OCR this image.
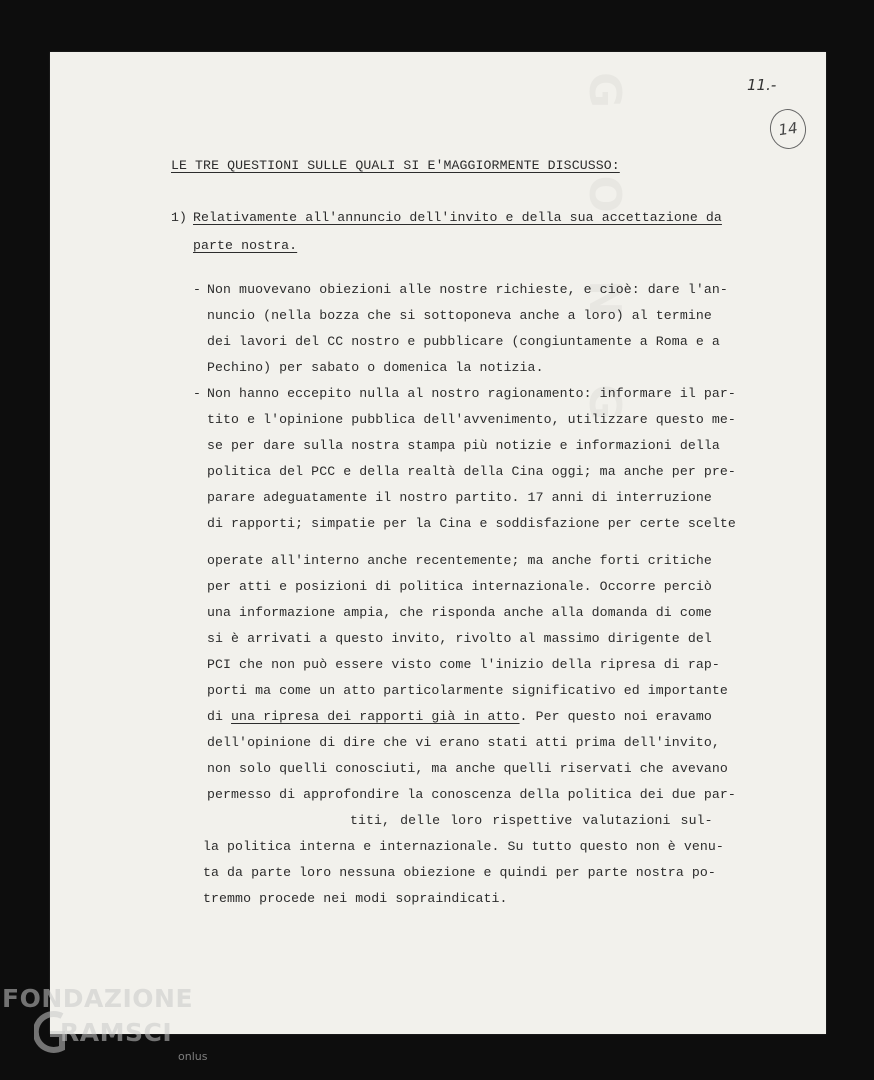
11.-
14
LE TRE QUESTIONI SULLE QUALI SI E'MAGGIORMENTE DISCUSSO:
1) Relativamente all'annuncio dell'invito e della sua accettazione da
parte nostra.
- Non muovevano obiezioni alle nostre richieste, e cioè: dare l'an-
nuncio (nella bozza che si sottoponeva anche a loro) al termine
dei lavori del CC nostro e pubblicare (congiuntamente a Roma e a
Pechino) per sabato o domenica la notizia.
- Non hanno eccepito nulla al nostro ragionamento: informare il par-
tito e l'opinione pubblica dell'avvenimento, utilizzare questo me-
se per dare sulla nostra stampa più notizie e informazioni della
politica del PCC e della realtà della Cina oggi; ma anche per pre-
parare adeguatamente il nostro partito. 17 anni di interruzione
di rapporti; simpatie per la Cina e soddisfazione per certe scelte
operate all'interno anche recentemente; ma anche forti critiche
per atti e posizioni di politica internazionale. Occorre perciò
una informazione ampia, che risponda anche alla domanda di come
si è arrivati a questo invito, rivolto al massimo dirigente del
PCI che non può essere visto come l'inizio della ripresa di rap-
porti ma come un atto particolarmente significativo ed importante
di una ripresa dei rapporti già in atto. Per questo noi eravamo
dell'opinione di dire che vi erano stati atti prima dell'invito,
non solo quelli conosciuti, ma anche quelli riservati che avevano
permesso di approfondire la conoscenza della politica dei due par-
titi, delle loro rispettive valutazioni sul-
la politica interna e internazionale. Su tutto questo non è venu-
ta da parte loro nessuna obiezione e quindi per parte nostra po-
tremmo procede nei modi sopraindicati.
FONDAZIONE
RAMSCI
onlus
